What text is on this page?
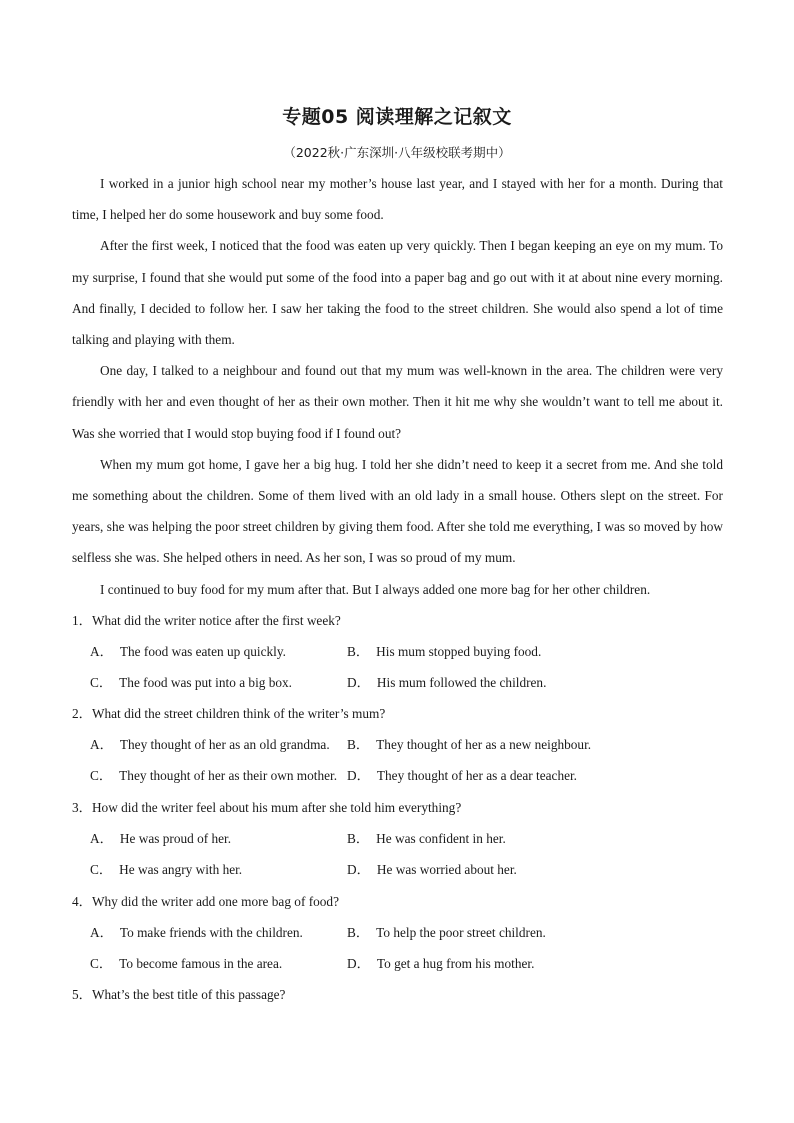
专题05 阅读理解之记叙文
（2022秋·广东深圳·八年级校联考期中）

I worked in a junior high school near my mother’s house last year, and I stayed with her for a month. During that time, I helped her do some housework and buy some food.

After the first week, I noticed that the food was eaten up very quickly. Then I began keeping an eye on my mum. To my surprise, I found that she would put some of the food into a paper bag and go out with it at about nine every morning. And finally, I decided to follow her. I saw her taking the food to the street children. She would also spend a lot of time talking and playing with them.

One day, I talked to a neighbour and found out that my mum was well-known in the area. The children were very friendly with her and even thought of her as their own mother. Then it hit me why she wouldn’t want to tell me about it. Was she worried that I would stop buying food if I found out?

When my mum got home, I gave her a big hug. I told her she didn’t need to keep it a secret from me. And she told me something about the children. Some of them lived with an old lady in a small house. Others slept on the street. For years, she was helping the poor street children by giving them food. After she told me everything, I was so moved by how selfless she was. She helped others in need. As her son, I was so proud of my mum.

I continued to buy food for my mum after that. But I always added one more bag for her other children.

1．What did the writer notice after the first week?
A． The food was eaten up quickly.	B． His mum stopped buying food.
C． The food was put into a big box.	D． His mum followed the children.
2．What did the street children think of the writer’s mum?
A． They thought of her as an old grandma. B． They thought of her as a new neighbour.
C． They thought of her as their own mother. D． They thought of her as a dear teacher.
3．How did the writer feel about his mum after she told him everything?
A． He was proud of her.	B． He was confident in her.
C． He was angry with her.	D． He was worried about her.
4．Why did the writer add one more bag of food?
A． To make friends with the children.	B． To help the poor street children.
C． To become famous in the area.	D． To get a hug from his mother.
5．What’s the best title of this passage?
